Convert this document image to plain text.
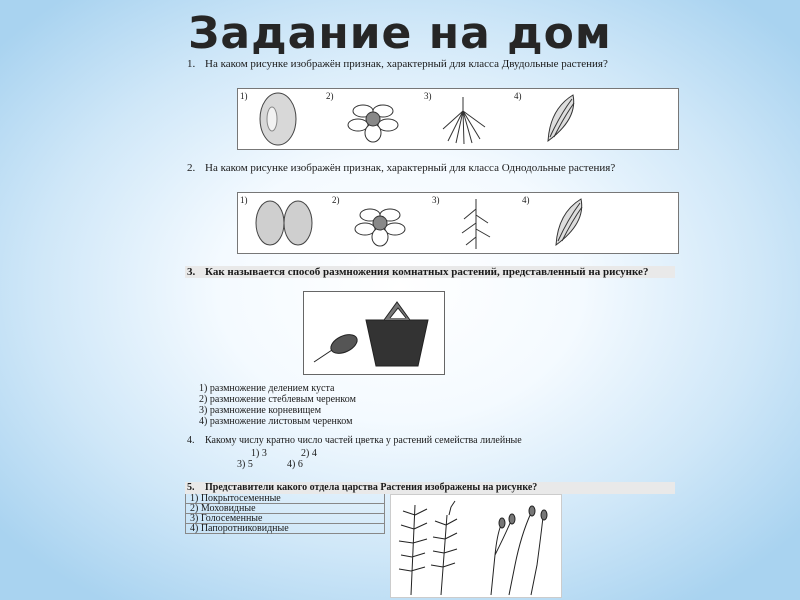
Задание на дом
1. На каком рисунке изображён признак, характерный для класса Двудольные растения?
1)	2)	3)	4)
2. На каком рисунке изображён признак, характерный для класса Однодольные растения?
1)	2)	3)	4)
3. Как называется способ размножения комнатных растений, представленный на рисунке?
1) размножение делением куста
2) размножение стеблевым черенком
3) размножение корневищем
4) размножение листовым черенком
4.	Какому числу кратно число частей цветка у растений семейства лилейные
1) 3	2) 4
3) 5	4) 6
5.	Представители какого отдела царства Растения изображены на рисунке?
1) Покрытосеменные
2) Моховидные
3) Голосеменные
4) Папоротниковидные
